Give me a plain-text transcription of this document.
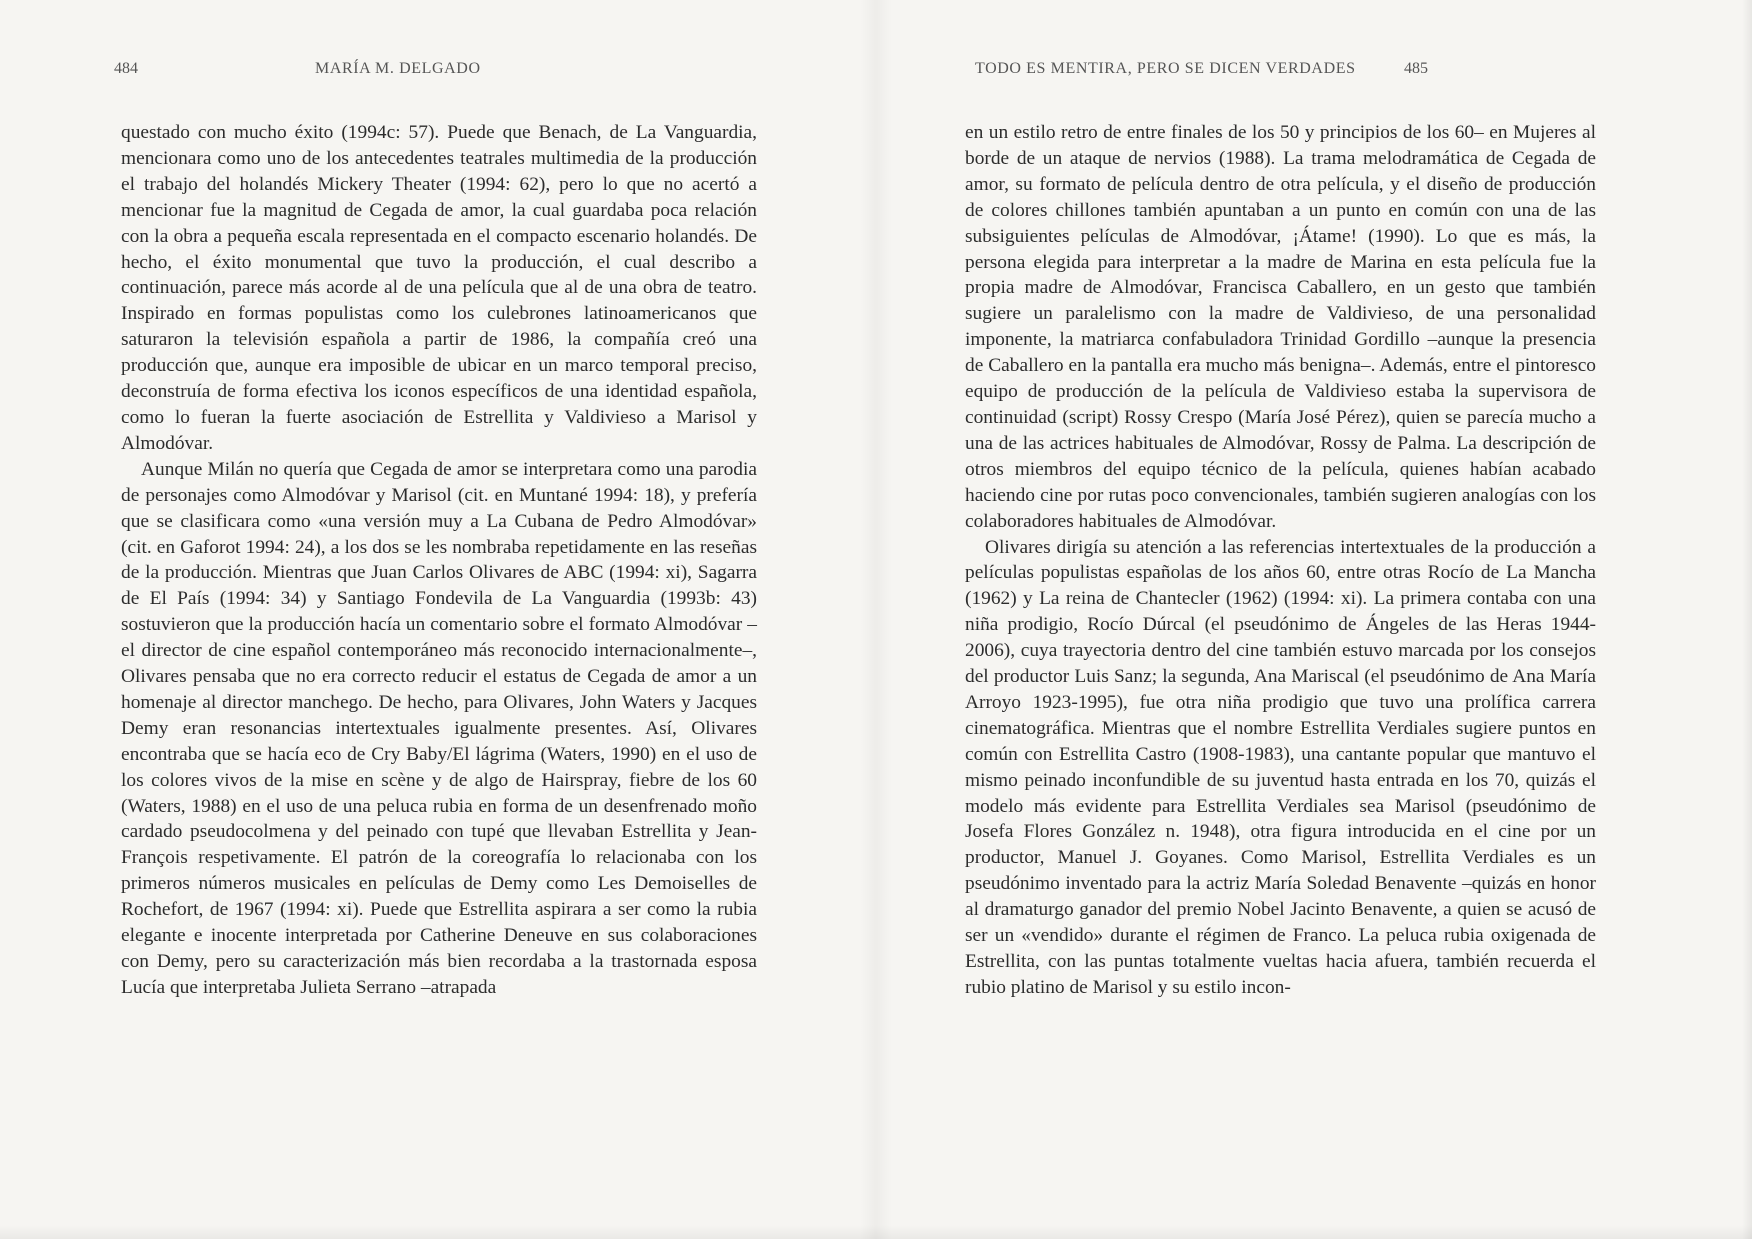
484	MARÍA M. DELGADO

questado con mucho éxito (1994c: 57). Puede que Benach, de La Vanguardia, mencionara como uno de los antecedentes teatrales multimedia de la producción el trabajo del holandés Mickery Theater (1994: 62), pero lo que no acertó a mencionar fue la magnitud de Cegada de amor, la cual guardaba poca relación con la obra a pequeña escala representada en el compacto escenario holandés. De hecho, el éxito monumental que tuvo la producción, el cual describo a continuación, parece más acorde al de una película que al de una obra de teatro. Inspirado en formas populistas como los culebrones latinoamericanos que saturaron la televisión española a partir de 1986, la compañía creó una producción que, aunque era imposible de ubicar en un marco temporal preciso, deconstruía de forma efectiva los iconos específicos de una identidad española, como lo fueran la fuerte asociación de Estrellita y Valdivieso a Marisol y Almodóvar.

Aunque Milán no quería que Cegada de amor se interpretara como una parodia de personajes como Almodóvar y Marisol (cit. en Muntané 1994: 18), y prefería que se clasificara como «una versión muy a La Cubana de Pedro Almodóvar» (cit. en Gaforot 1994: 24), a los dos se les nombraba repetidamente en las reseñas de la producción. Mientras que Juan Carlos Olivares de ABC (1994: xi), Sagarra de El País (1994: 34) y Santiago Fondevila de La Vanguardia (1993b: 43) sostuvieron que la producción hacía un comentario sobre el formato Almodóvar –el director de cine español contemporáneo más reconocido internacionalmente–, Olivares pensaba que no era correcto reducir el estatus de Cegada de amor a un homenaje al director manchego. De hecho, para Olivares, John Waters y Jacques Demy eran resonancias intertextuales igualmente presentes. Así, Olivares encontraba que se hacía eco de Cry Baby/El lágrima (Waters, 1990) en el uso de los colores vivos de la mise en scène y de algo de Hairspray, fiebre de los 60 (Waters, 1988) en el uso de una peluca rubia en forma de un desenfrenado moño cardado pseudocolmena y del peinado con tupé que llevaban Estrellita y Jean-François respetivamente. El patrón de la coreografía lo relacionaba con los primeros números musicales en películas de Demy como Les Demoiselles de Rochefort, de 1967 (1994: xi). Puede que Estrellita aspirara a ser como la rubia elegante e inocente interpretada por Catherine Deneuve en sus colaboraciones con Demy, pero su caracterización más bien recordaba a la trastornada esposa Lucía que interpretaba Julieta Serrano –atrapada

TODO ES MENTIRA, PERO SE DICEN VERDADES	485

en un estilo retro de entre finales de los 50 y principios de los 60– en Mujeres al borde de un ataque de nervios (1988). La trama melodramática de Cegada de amor, su formato de película dentro de otra película, y el diseño de producción de colores chillones también apuntaban a un punto en común con una de las subsiguientes películas de Almodóvar, ¡Átame! (1990). Lo que es más, la persona elegida para interpretar a la madre de Marina en esta película fue la propia madre de Almodóvar, Francisca Caballero, en un gesto que también sugiere un paralelismo con la madre de Valdivieso, de una personalidad imponente, la matriarca confabuladora Trinidad Gordillo –aunque la presencia de Caballero en la pantalla era mucho más benigna–. Además, entre el pintoresco equipo de producción de la película de Valdivieso estaba la supervisora de continuidad (script) Rossy Crespo (María José Pérez), quien se parecía mucho a una de las actrices habituales de Almodóvar, Rossy de Palma. La descripción de otros miembros del equipo técnico de la película, quienes habían acabado haciendo cine por rutas poco convencionales, también sugieren analogías con los colaboradores habituales de Almodóvar.

Olivares dirigía su atención a las referencias intertextuales de la producción a películas populistas españolas de los años 60, entre otras Rocío de La Mancha (1962) y La reina de Chantecler (1962) (1994: xi). La primera contaba con una niña prodigio, Rocío Dúrcal (el pseudónimo de Ángeles de las Heras 1944-2006), cuya trayectoria dentro del cine también estuvo marcada por los consejos del productor Luis Sanz; la segunda, Ana Mariscal (el pseudónimo de Ana María Arroyo 1923-1995), fue otra niña prodigio que tuvo una prolífica carrera cinematográfica. Mientras que el nombre Estrellita Verdiales sugiere puntos en común con Estrellita Castro (1908-1983), una cantante popular que mantuvo el mismo peinado inconfundible de su juventud hasta entrada en los 70, quizás el modelo más evidente para Estrellita Verdiales sea Marisol (pseudónimo de Josefa Flores González n. 1948), otra figura introducida en el cine por un productor, Manuel J. Goyanes. Como Marisol, Estrellita Verdiales es un pseudónimo inventado para la actriz María Soledad Benavente –quizás en honor al dramaturgo ganador del premio Nobel Jacinto Benavente, a quien se acusó de ser un «vendido» durante el régimen de Franco. La peluca rubia oxigenada de Estrellita, con las puntas totalmente vueltas hacia afuera, también recuerda el rubio platino de Marisol y su estilo incon-
